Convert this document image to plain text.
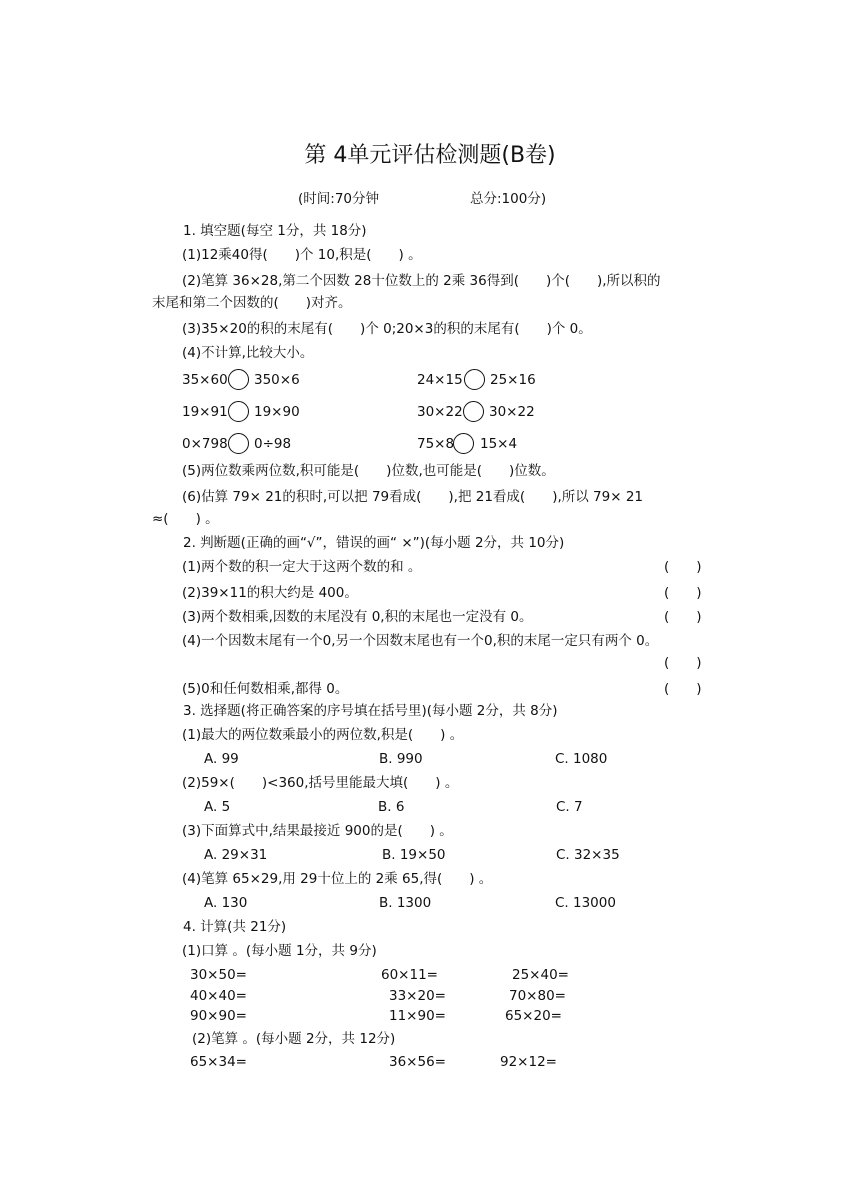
第 4单元评估检测题(B卷)
(时间:70分钟	总分:100分)
1. 填空题(每空 1分，共 18分)
(1)12乘40得(　　)个 10,积是(　　) 。
(2)笔算 36×28,第二个因数 28十位数上的 2乘 36得到(　　)个(　　),所以积的
末尾和第二个因数的(　　)对齐。
(3)35×20的积的末尾有(　　)个 0;20×3的积的末尾有(　　)个 0。
(4)不计算,比较大小。
35×60 350×6	24×15 25×16
19×91 19×90	30×22 30×22
0×798 0÷98	75×8 15×4
(5)两位数乘两位数,积可能是(　　)位数,也可能是(　　)位数。
(6)估算 79× 21的积时,可以把 79看成(　　),把 21看成(　　),所以 79× 21
≈(　　) 。
2. 判断题(正确的画“√”，错误的画“ ×”)(每小题 2分，共 10分)
(1)两个数的积一定大于这两个数的和 。	(　　)
(2)39×11的积大约是 400。	(　　)
(3)两个数相乘,因数的末尾没有 0,积的末尾也一定没有 0。	(　　)
(4)一个因数末尾有一个0,另一个因数末尾也有一个0,积的末尾一定只有两个 0。
(　　)
(5)0和任何数相乘,都得 0。	(　　)
3. 选择题(将正确答案的序号填在括号里)(每小题 2分，共 8分)
(1)最大的两位数乘最小的两位数,积是(　　) 。
A. 99	B. 990	C. 1080
(2)59×(　　)<360,括号里能最大填(　　) 。
A. 5	B. 6	C. 7
(3)下面算式中,结果最接近 900的是(　　) 。
A. 29×31	B. 19×50	C. 32×35
(4)笔算 65×29,用 29十位上的 2乘 65,得(　　) 。
A. 130	B. 1300	C. 13000
4. 计算(共 21分)
(1)口算 。(每小题 1分，共 9分)
30×50=	60×11=	25×40=
40×40=	33×20=	70×80=
90×90=	11×90=	65×20=
(2)笔算 。(每小题 2分，共 12分)
65×34=	36×56=	92×12=
